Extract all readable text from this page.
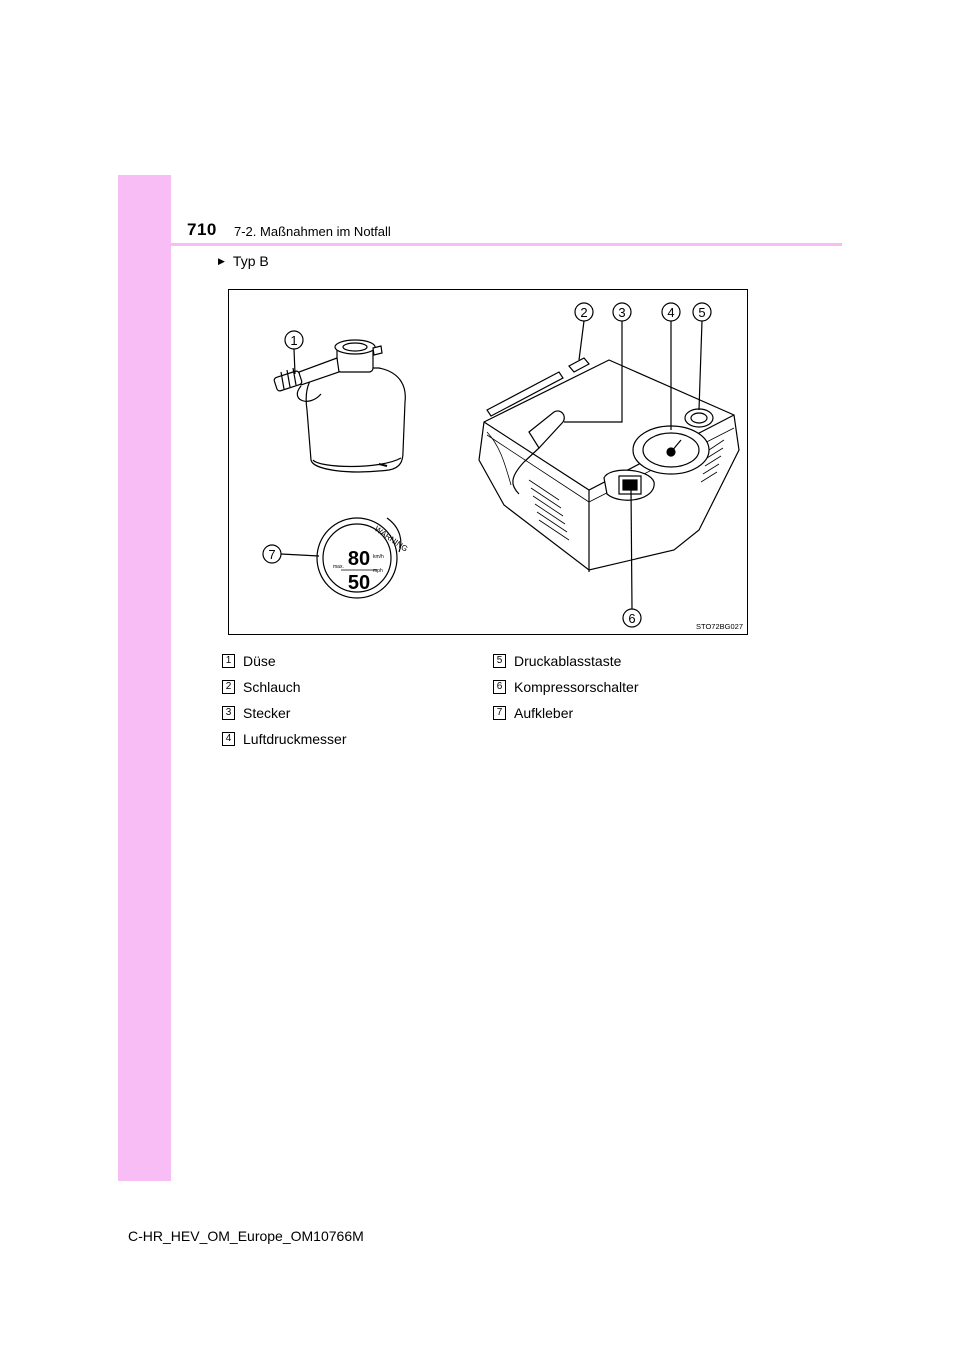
710 7-2. Maßnahmen im Notfall
▶ Typ B
1
WARNING
80
50
max.
km/h
mph
7
2 3	4 5
6
STO72BG027
1 Düse
2 Schlauch
3 Stecker
4 Luftdruckmesser
5 Druckablasstaste
6 Kompressorschalter
7 Aufkleber
C-HR_HEV_OM_Europe_OM10766M
